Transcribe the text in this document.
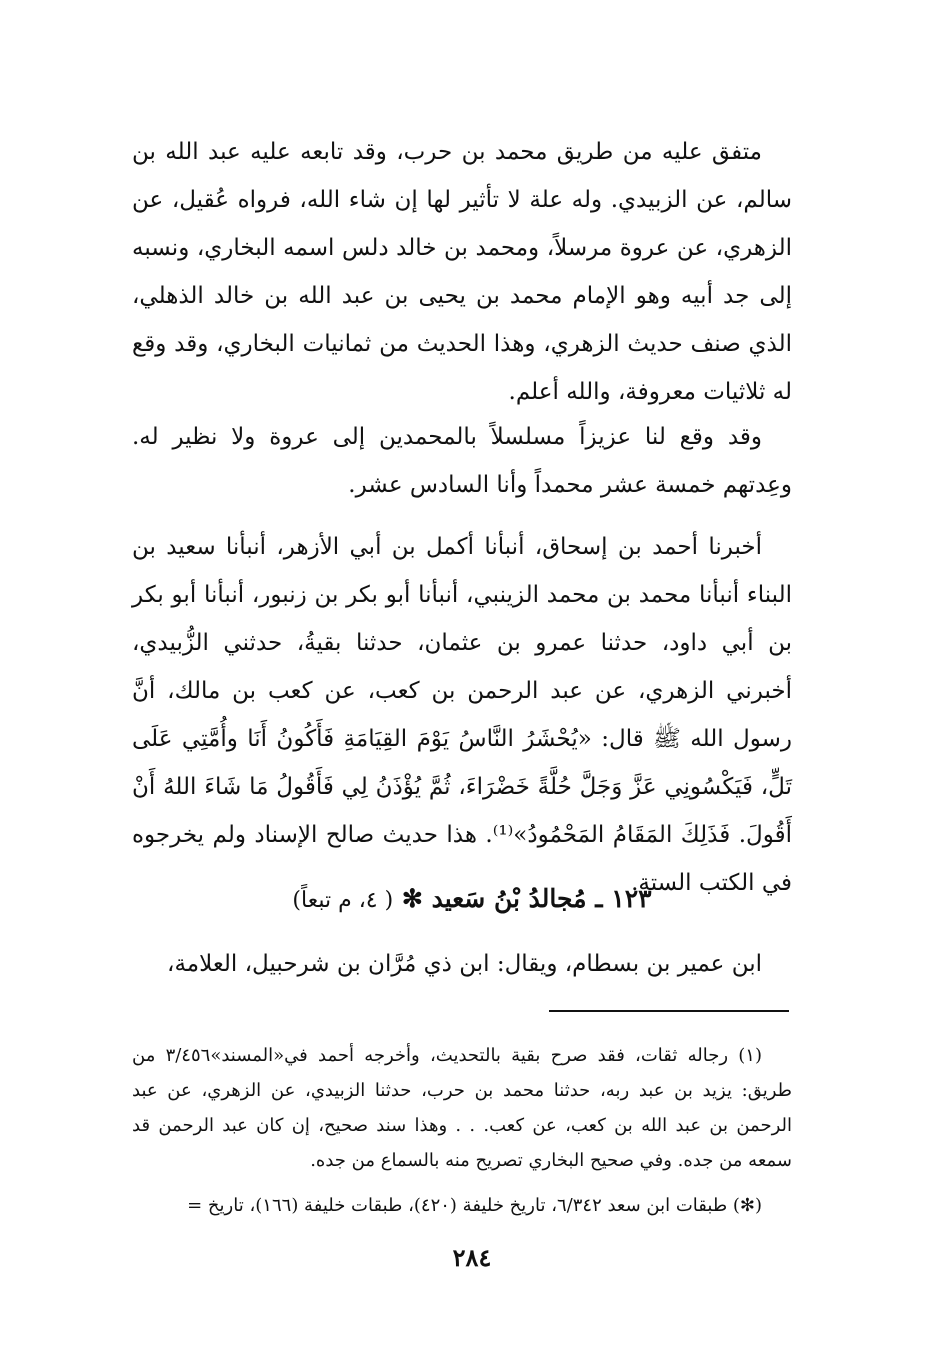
متفق عليه من طريق محمد بن حرب، وقد تابعه عليه عبد الله بن سالم، عن الزبيدي. وله علة لا تأثير لها إن شاء الله، فرواه عُقيل، عن الزهري، عن عروة مرسلاً، ومحمد بن خالد دلس اسمه البخاري، ونسبه إلى جد أبيه وهو الإمام محمد بن يحيى بن عبد الله بن خالد الذهلي، الذي صنف حديث الزهري، وهذا الحديث من ثمانيات البخاري، وقد وقع له ثلاثيات معروفة، والله أعلم.
وقد وقع لنا عزيزاً مسلسلاً بالمحمدين إلى عروة ولا نظير له. وعِدتهم خمسة عشر محمداً وأنا السادس عشر.
أخبرنا أحمد بن إسحاق، أنبأنا أكمل بن أبي الأزهر، أنبأنا سعيد بن البناء أنبأنا محمد بن محمد الزينبي، أنبأنا أبو بكر بن زنبور، أنبأنا أبو بكر بن أبي داود، حدثنا عمرو بن عثمان، حدثنا بقيةُ، حدثني الزُّبيدي، أخبرني الزهري، عن عبد الرحمن بن كعب، عن كعب بن مالك، أنَّ رسول الله ﷺ قال: «يُحْشَرُ النَّاسُ يَوْمَ القِيَامَةِ فَأَكُونُ أَنَا وأُمَّتِي عَلَى تَلٍّ، فَيَكْسُونِي عَزَّ وَجَلَّ حُلَّةً خَضْرَاءَ، ثُمَّ يُؤْذَنُ لِي فَأَقُولُ مَا شَاءَ اللهُ أَنْ أَقُولَ. فَذَلِكَ المَقَامُ المَحْمُودُ»⁽¹⁾. هذا حديث صالح الإسناد ولم يخرجوه في الكتب الستة.
١٢٣ ـ مُجالدُ بْنُ سَعيد ✻ ( ٤، م تبعاً)
ابن عمير بن بسطام، ويقال: ابن ذي مُرَّان بن شرحبيل، العلامة،
(١) رجاله ثقات، فقد صرح بقية بالتحديث، وأخرجه أحمد في«المسند»٣/٤٥٦ من طريق: يزيد بن عبد ربه، حدثنا محمد بن حرب، حدثنا الزبيدي، عن الزهري، عن عبد الرحمن بن عبد الله بن كعب، عن كعب. . . وهذا سند صحيح، إن كان عبد الرحمن قد سمعه من جده. وفي صحيح البخاري تصريح منه بالسماع من جده.
(✻) طبقات ابن سعد ٦/٣٤٢، تاريخ خليفة (٤٢٠)، طبقات خليفة (١٦٦)، تاريخ =
٢٨٤
